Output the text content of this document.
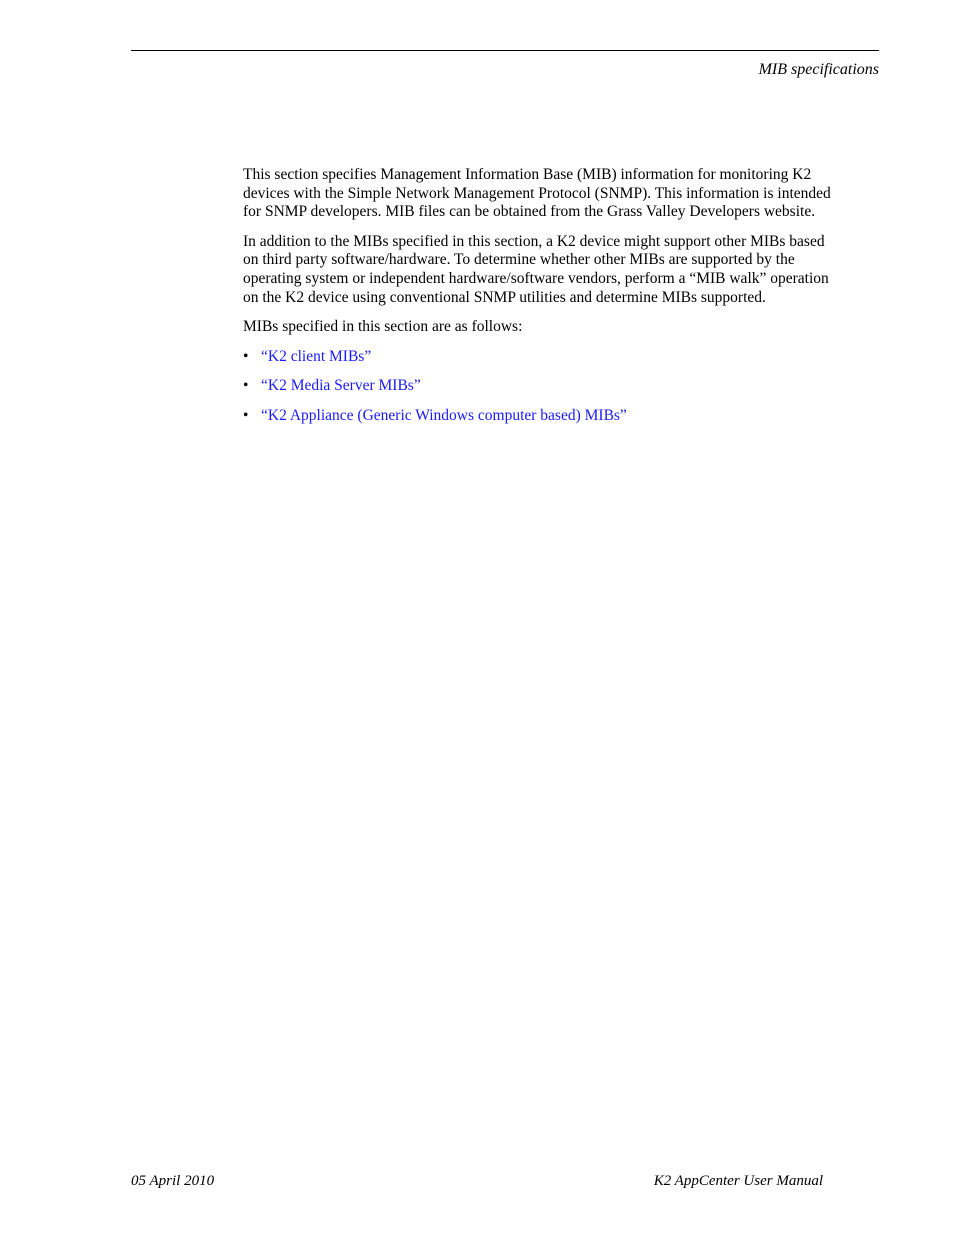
MIB specifications

This section specifies Management Information Base (MIB) information for monitoring K2 devices with the Simple Network Management Protocol (SNMP). This information is intended for SNMP developers. MIB files can be obtained from the Grass Valley Developers website.

In addition to the MIBs specified in this section, a K2 device might support other MIBs based on third party software/hardware. To determine whether other MIBs are supported by the operating system or independent hardware/software vendors, perform a “MIB walk” operation on the K2 device using conventional SNMP utilities and determine MIBs supported.

MIBs specified in this section are as follows:

• “K2 client MIBs”
• “K2 Media Server MIBs”
• “K2 Appliance (Generic Windows computer based) MIBs”
05 April 2010	K2 AppCenter User Manual
